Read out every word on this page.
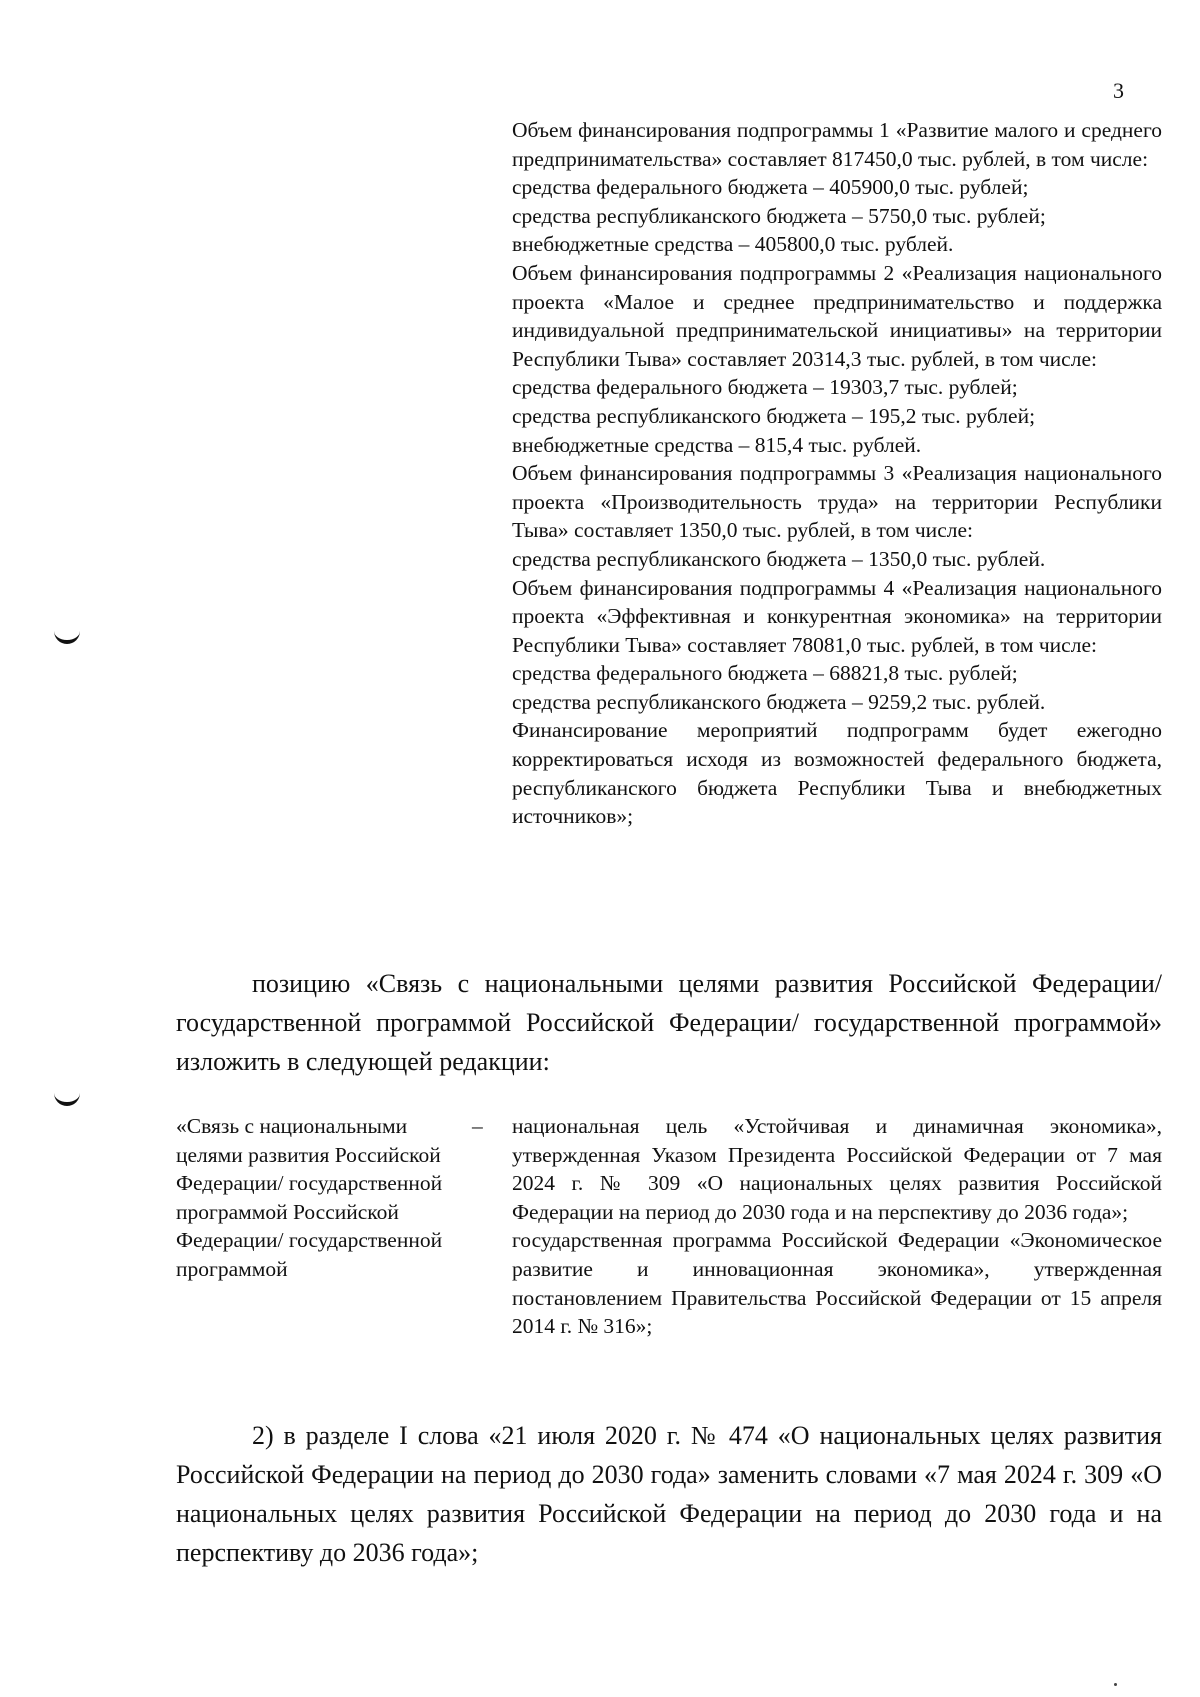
3

Объем финансирования подпрограммы 1 «Развитие малого и среднего предпринимательства» составляет 817450,0 тыс. рублей, в том числе:

средства федерального бюджета – 405900,0 тыс. рублей;

средства республиканского бюджета – 5750,0 тыс. рублей;

внебюджетные средства – 405800,0 тыс. рублей.

Объем финансирования подпрограммы 2 «Реализация национального проекта «Малое и среднее предпринимательство и поддержка индивидуальной предпринимательской инициативы» на территории Республики Тыва» составляет 20314,3 тыс. рублей, в том числе:

средства федерального бюджета – 19303,7 тыс. рублей;

средства республиканского бюджета – 195,2 тыс. рублей;

внебюджетные средства – 815,4 тыс. рублей.

Объем финансирования подпрограммы 3 «Реализация национального проекта «Производительность труда» на территории Республики Тыва» составляет 1350,0 тыс. рублей, в том числе:

средства республиканского бюджета – 1350,0 тыс. рублей.

Объем финансирования подпрограммы 4 «Реализация национального проекта «Эффективная и конкурентная экономика» на территории Республики Тыва» составляет 78081,0 тыс. рублей, в том числе:

средства федерального бюджета – 68821,8 тыс. рублей;

средства республиканского бюджета – 9259,2 тыс. рублей.

Финансирование мероприятий подпрограмм будет ежегодно корректироваться исходя из возможностей федерального бюджета, республиканского бюджета Республики Тыва и внебюджетных источников»;

позицию «Связь с национальными целями развития Российской Федерации/ государственной программой Российской Федерации/ государственной программой» изложить в следующей редакции:

«Связь с национальными целями развития Российской Федерации/ государственной программой Российской Федерации/ государственной программой
– национальная цель «Устойчивая и динамичная экономика», утвержденная Указом Президента Российской Федерации от 7 мая 2024 г. № 309 «О национальных целях развития Российской Федерации на период до 2030 года и на перспективу до 2036 года»;

государственная программа Российской Федерации «Экономическое развитие и инновационная экономика», утвержденная постановлением Правительства Российской Федерации от 15 апреля 2014 г. № 316»;

2) в разделе I слова «21 июля 2020 г. № 474 «О национальных целях развития Российской Федерации на период до 2030 года» заменить словами «7 мая 2024 г. 309 «О национальных целях развития Российской Федерации на период до 2030 года и на перспективу до 2036 года»;
